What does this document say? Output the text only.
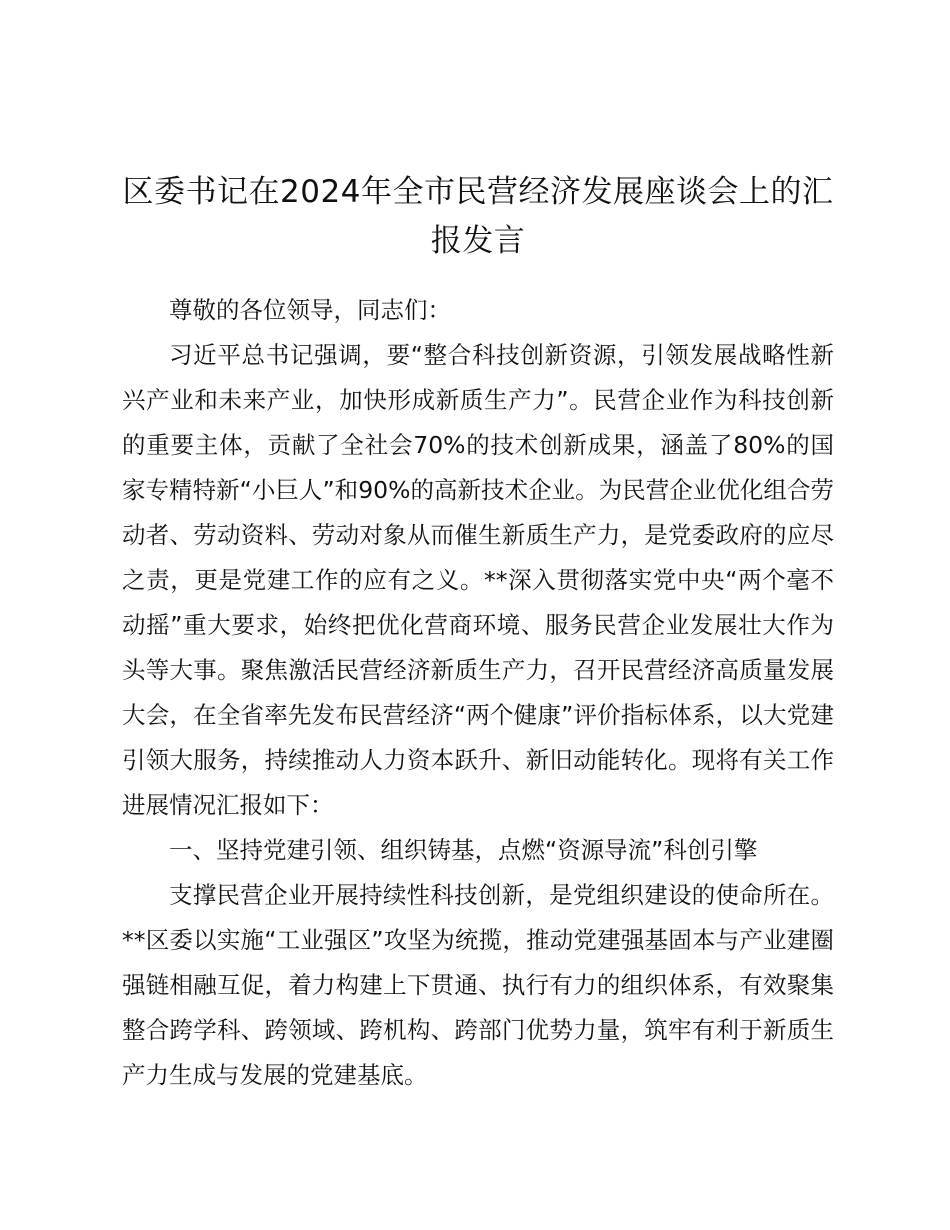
区委书记在2024年全市民营经济发展座谈会上的汇报发言

尊敬的各位领导，同志们：

习近平总书记强调，要“整合科技创新资源，引领发展战略性新兴产业和未来产业，加快形成新质生产力”。民营企业作为科技创新的重要主体，贡献了全社会70%的技术创新成果，涵盖了80%的国家专精特新“小巨人”和90%的高新技术企业。为民营企业优化组合劳动者、劳动资料、劳动对象从而催生新质生产力，是党委政府的应尽之责，更是党建工作的应有之义。**深入贯彻落实党中央“两个毫不动摇”重大要求，始终把优化营商环境、服务民营企业发展壮大作为头等大事。聚焦激活民营经济新质生产力，召开民营经济高质量发展大会，在全省率先发布民营经济“两个健康”评价指标体系，以大党建引领大服务，持续推动人力资本跃升、新旧动能转化。现将有关工作进展情况汇报如下：

一、坚持党建引领、组织铸基，点燃“资源导流”科创引擎

支撑民营企业开展持续性科技创新，是党组织建设的使命所在。**区委以实施“工业强区”攻坚为统揽，推动党建强基固本与产业建圈强链相融互促，着力构建上下贯通、执行有力的组织体系，有效聚集整合跨学科、跨领域、跨机构、跨部门优势力量，筑牢有利于新质生产力生成与发展的党建基底。
